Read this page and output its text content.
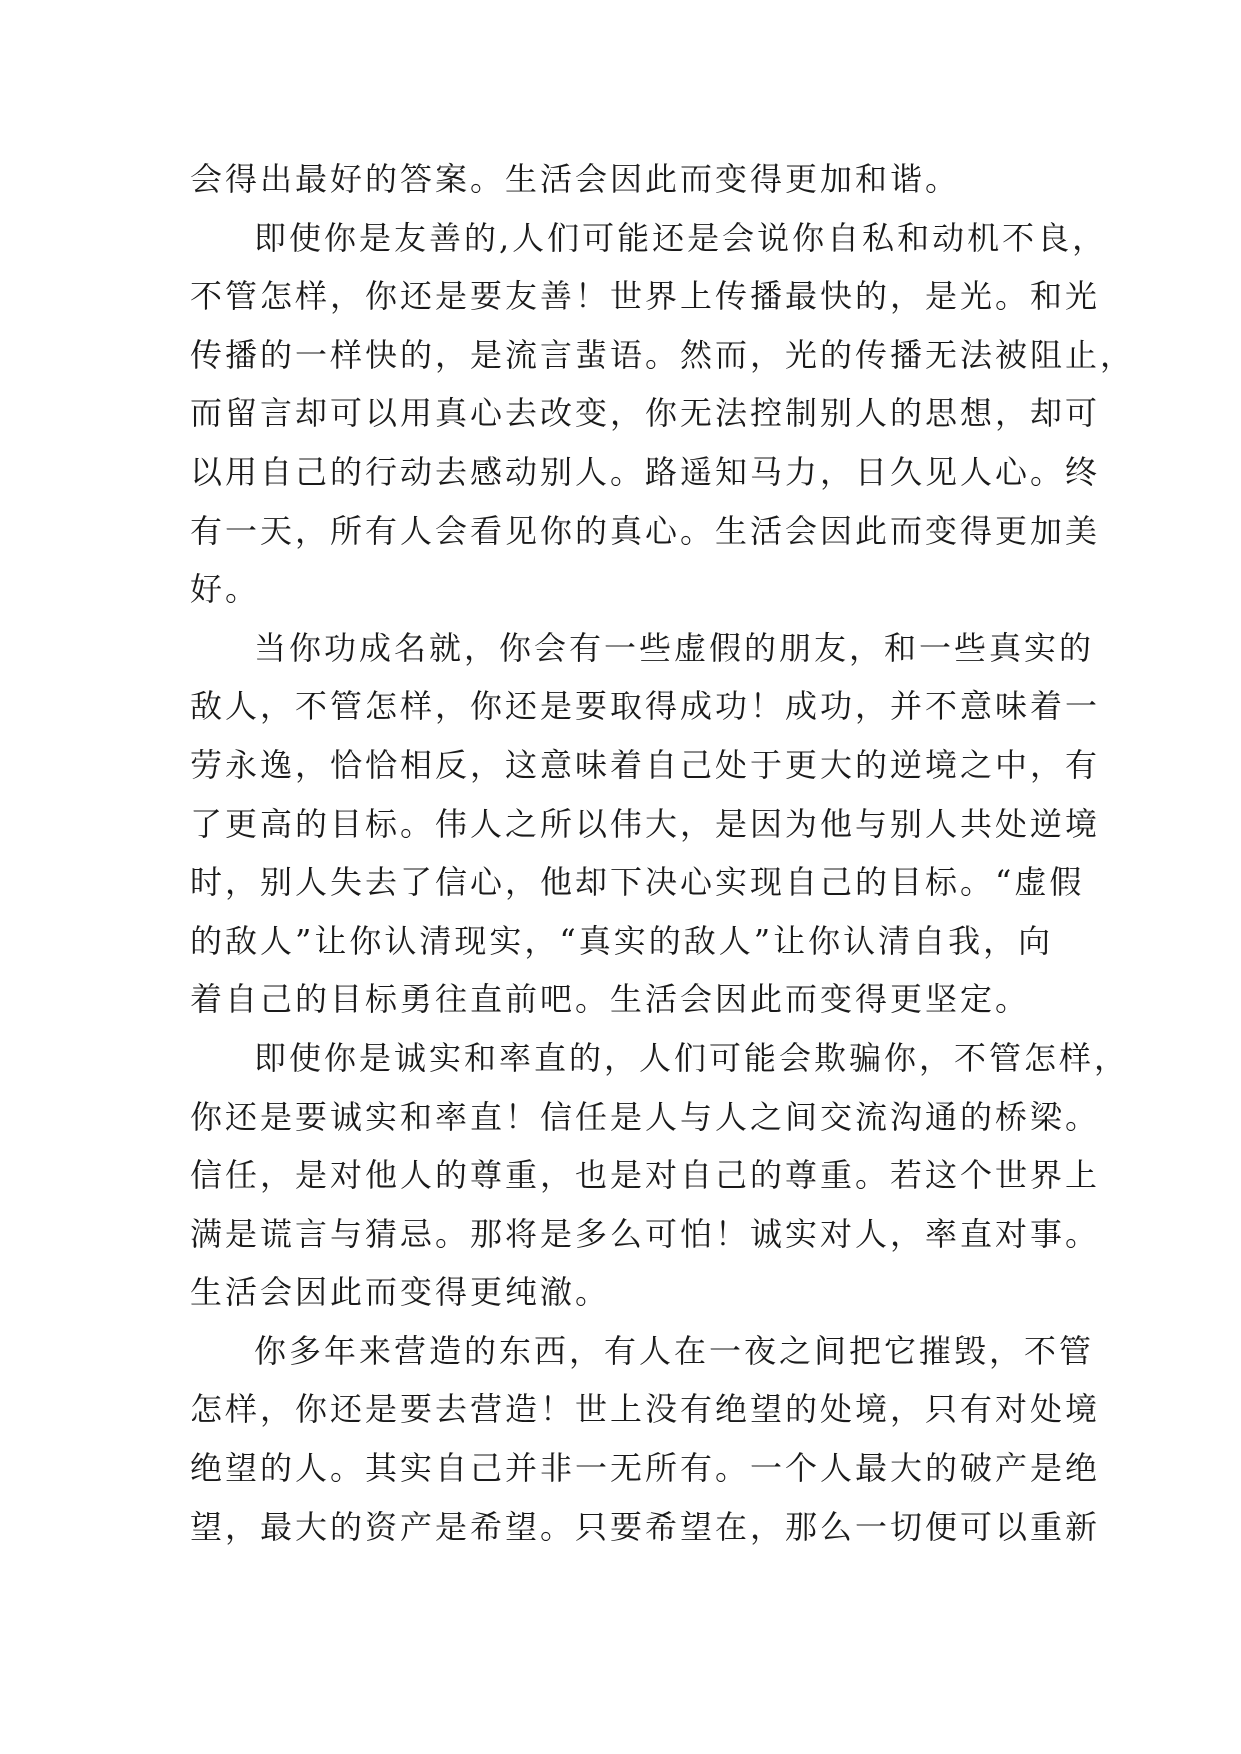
会得出最好的答案。生活会因此而变得更加和谐。
即使你是友善的,人们可能还是会说你自私和动机不良，
不管怎样，你还是要友善！世界上传播最快的，是光。和光
传播的一样快的，是流言蜚语。然而，光的传播无法被阻止，
而留言却可以用真心去改变，你无法控制别人的思想，却可
以用自己的行动去感动别人。路遥知马力，日久见人心。终
有一天，所有人会看见你的真心。生活会因此而变得更加美
好。
当你功成名就，你会有一些虚假的朋友，和一些真实的
敌人，不管怎样，你还是要取得成功！成功，并不意味着一
劳永逸，恰恰相反，这意味着自己处于更大的逆境之中，有
了更高的目标。伟人之所以伟大，是因为他与别人共处逆境
时，别人失去了信心，他却下决心实现自己的目标。“虚假
的敌人”让你认清现实，“真实的敌人”让你认清自我，向
着自己的目标勇往直前吧。生活会因此而变得更坚定。
即使你是诚实和率直的，人们可能会欺骗你，不管怎样，
你还是要诚实和率直！信任是人与人之间交流沟通的桥梁。
信任，是对他人的尊重，也是对自己的尊重。若这个世界上
满是谎言与猜忌。那将是多么可怕！诚实对人，率直对事。
生活会因此而变得更纯澈。
你多年来营造的东西，有人在一夜之间把它摧毁，不管
怎样，你还是要去营造！世上没有绝望的处境，只有对处境
绝望的人。其实自己并非一无所有。一个人最大的破产是绝
望，最大的资产是希望。只要希望在，那么一切便可以重新
